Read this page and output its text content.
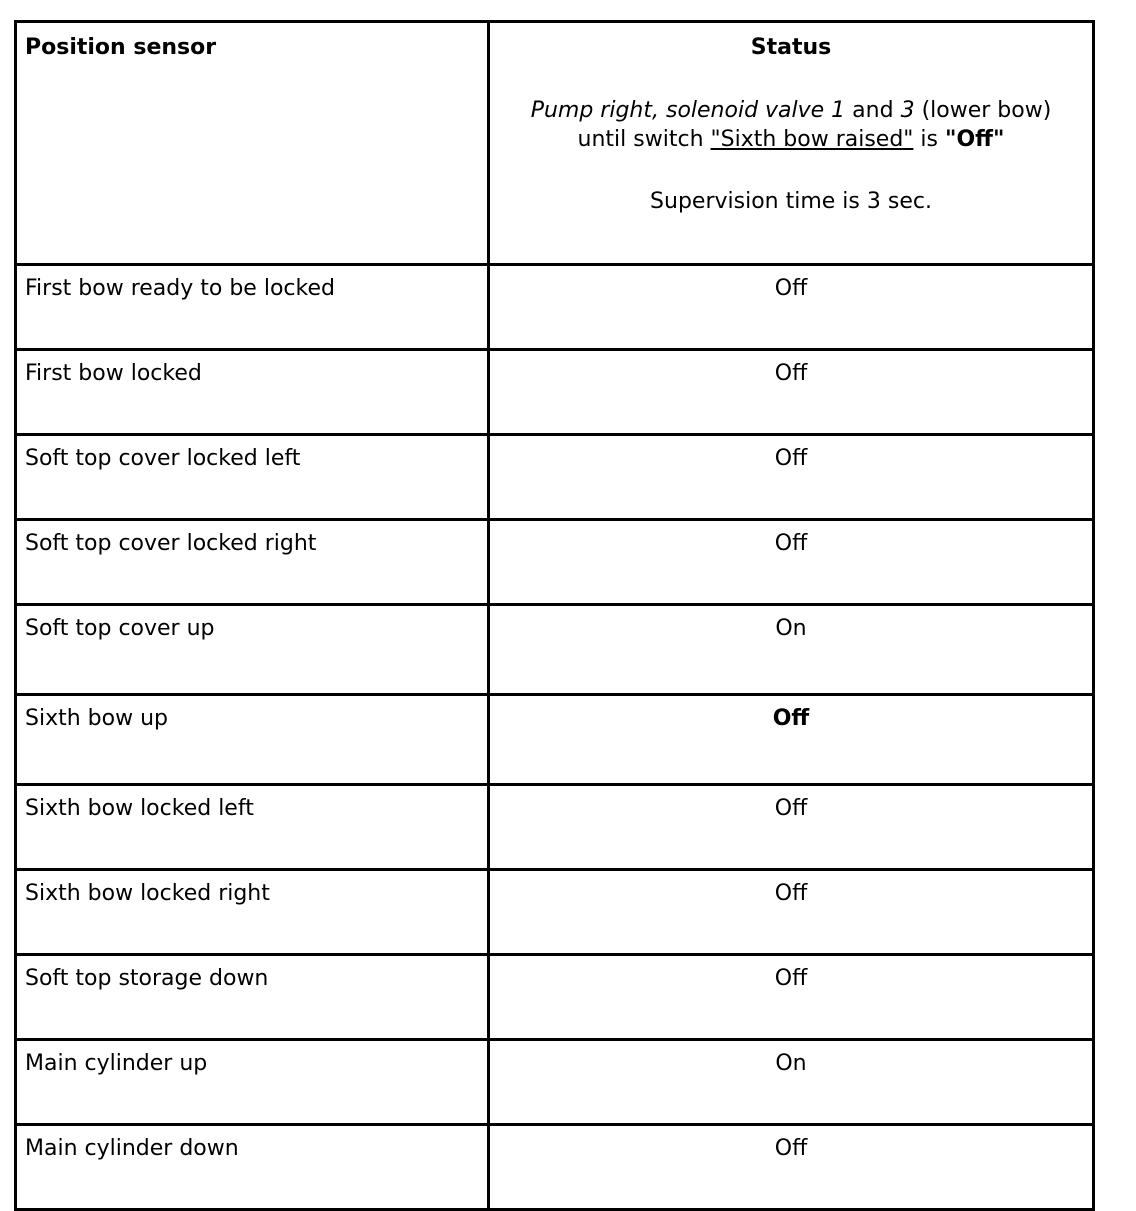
Position sensor	Status
Pump right, solenoid valve 1 and 3 (lower bow)
until switch "Sixth bow raised" is "Off"
Supervision time is 3 sec.

First bow ready to be locked	Off
First bow locked	Off
Soft top cover locked left	Off
Soft top cover locked right	Off
Soft top cover up	On
Sixth bow up	Off
Sixth bow locked left	Off
Sixth bow locked right	Off
Soft top storage down	Off
Main cylinder up	On
Main cylinder down	Off
